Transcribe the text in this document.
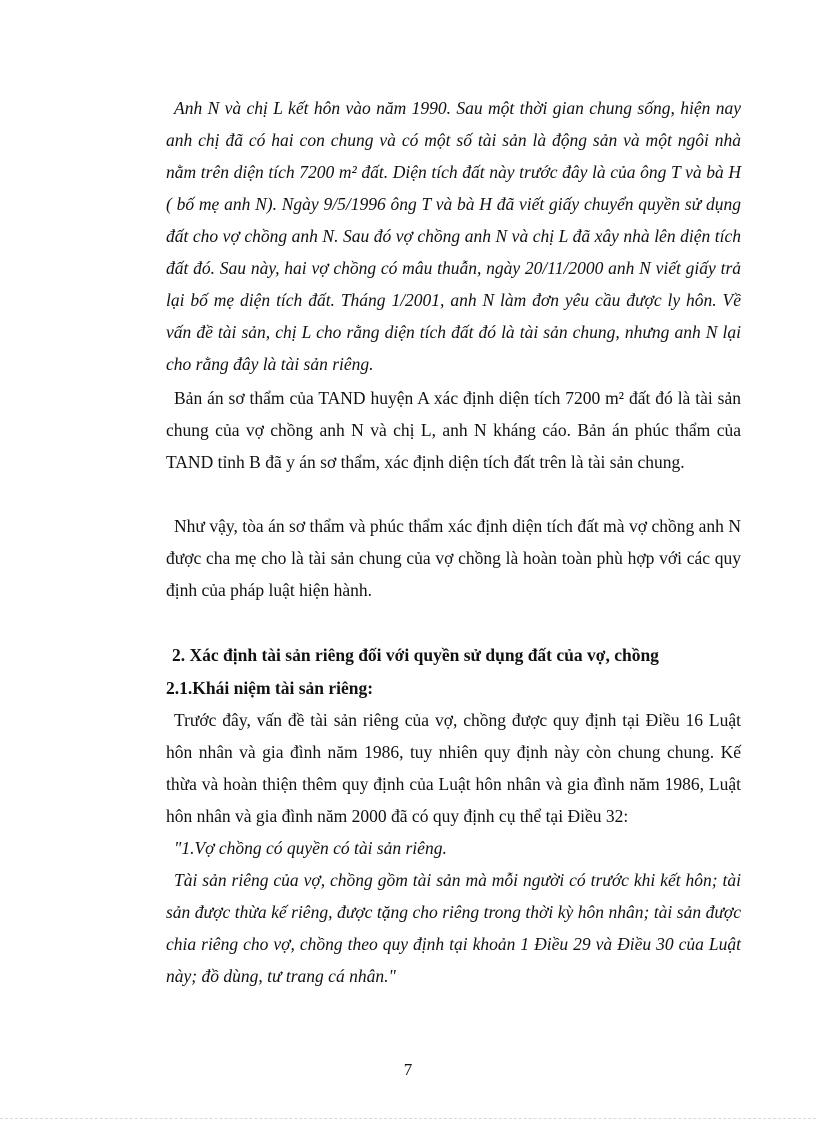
Anh N và chị L kết hôn vào năm 1990. Sau một thời gian chung sống, hiện nay anh chị đã có hai con chung và có một số tài sản là động sản và một ngôi nhà nằm trên diện tích 7200 m² đất. Diện tích đất này trước đây là của ông T và bà H ( bố mẹ anh N). Ngày 9/5/1996 ông T và bà H đã viết giấy chuyển quyền sử dụng đất cho vợ chồng anh N. Sau đó vợ chồng anh N và chị L đã xây nhà lên diện tích đất đó. Sau này, hai vợ chồng có mâu thuẫn, ngày 20/11/2000 anh N viết giấy trả lại bố mẹ diện tích đất. Tháng 1/2001, anh N làm đơn yêu cầu được ly hôn. Về vấn đề tài sản, chị L cho rằng diện tích đất đó là tài sản chung, nhưng anh N lại cho rằng đây là tài sản riêng.

Bản án sơ thẩm của TAND huyện A xác định diện tích 7200 m² đất đó là tài sản chung của vợ chồng anh N và chị L, anh N kháng cáo. Bản án phúc thẩm của TAND tỉnh B đã y án sơ thẩm, xác định diện tích đất trên là tài sản chung.

Như vậy, tòa án sơ thẩm và phúc thẩm xác định diện tích đất mà vợ chồng anh N được cha mẹ cho là tài sản chung của vợ chồng là hoàn toàn phù hợp với các quy định của pháp luật hiện hành.

2. Xác định tài sản riêng đối với quyền sử dụng đất của vợ, chồng

2.1.Khái niệm tài sản riêng:

Trước đây, vấn đề tài sản riêng của vợ, chồng được quy định tại Điều 16 Luật hôn nhân và gia đình năm 1986, tuy nhiên quy định này còn chung chung. Kế thừa và hoàn thiện thêm quy định của Luật hôn nhân và gia đình năm 1986, Luật hôn nhân và gia đình năm 2000 đã có quy định cụ thể tại Điều 32:

"1.Vợ chồng có quyền có tài sản riêng.

Tài sản riêng của vợ, chồng gồm tài sản mà mỗi người có trước khi kết hôn; tài sản được thừa kế riêng, được tặng cho riêng trong thời kỳ hôn nhân; tài sản được chia riêng cho vợ, chồng theo quy định tại khoản 1 Điều 29 và Điều 30 của Luật này; đồ dùng, tư trang cá nhân."

7
